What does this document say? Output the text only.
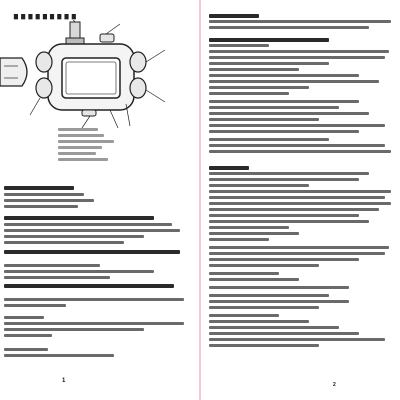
▇ ▇ ▇ ▇ ▇ ▇ ▇ ▇ ▇
1
2
